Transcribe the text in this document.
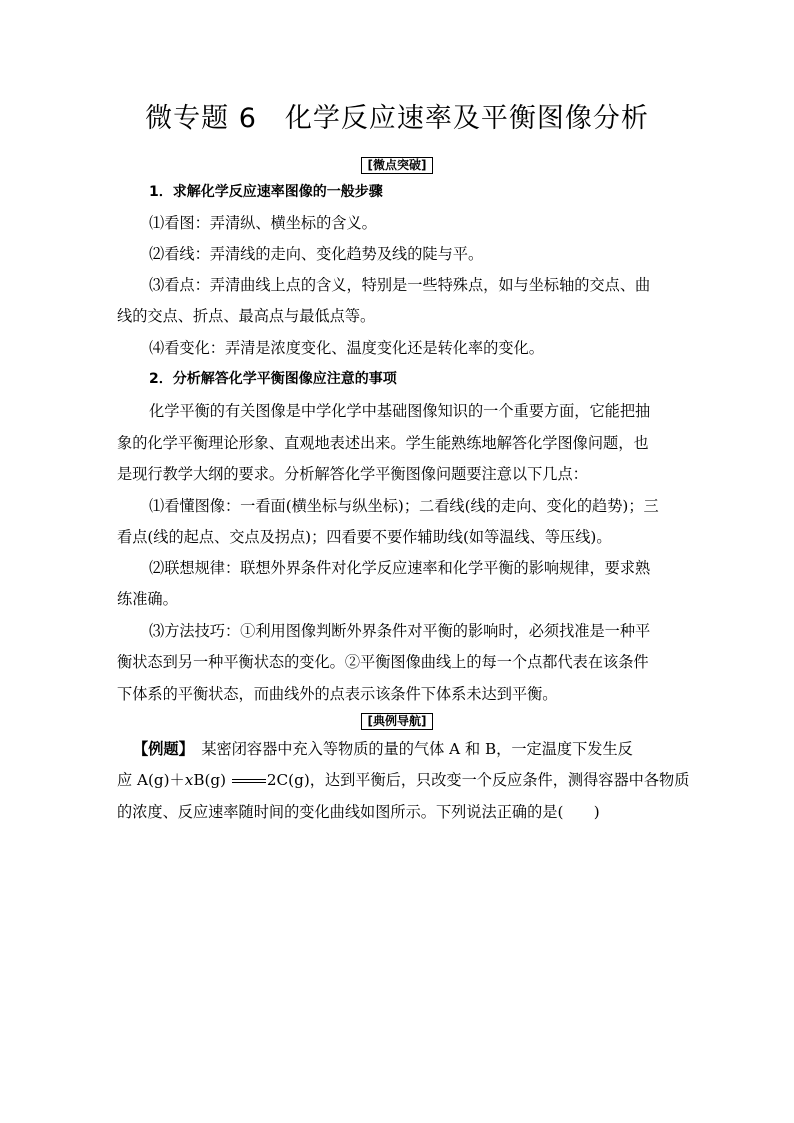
微专题 6　化学反应速率及平衡图像分析
[微点突破]
1．求解化学反应速率图像的一般步骤
⑴看图：弄清纵、横坐标的含义。
⑵看线：弄清线的走向、变化趋势及线的陡与平。
⑶看点：弄清曲线上点的含义，特别是一些特殊点，如与坐标轴的交点、曲
线的交点、折点、最高点与最低点等。
⑷看变化：弄清是浓度变化、温度变化还是转化率的变化。
2．分析解答化学平衡图像应注意的事项
化学平衡的有关图像是中学化学中基础图像知识的一个重要方面，它能把抽
象的化学平衡理论形象、直观地表述出来。学生能熟练地解答化学图像问题，也
是现行教学大纲的要求。分析解答化学平衡图像问题要注意以下几点：
⑴看懂图像：一看面(横坐标与纵坐标)；二看线(线的走向、变化的趋势)；三
看点(线的起点、交点及拐点)；四看要不要作辅助线(如等温线、等压线)。
⑵联想规律：联想外界条件对化学反应速率和化学平衡的影响规律，要求熟
练准确。
⑶方法技巧：①利用图像判断外界条件对平衡的影响时，必须找准是一种平
衡状态到另一种平衡状态的变化。②平衡图像曲线上的每一个点都代表在该条件
下体系的平衡状态，而曲线外的点表示该条件下体系未达到平衡。
[典例导航]
【例题】　某密闭容器中充入等物质的量的气体 A 和 B，一定温度下发生反
应 A(g)＋xB(g) 2C(g)，达到平衡后，只改变一个反应条件，测得容器中各物质
的浓度、反应速率随时间的变化曲线如图所示。下列说法正确的是(　　)
